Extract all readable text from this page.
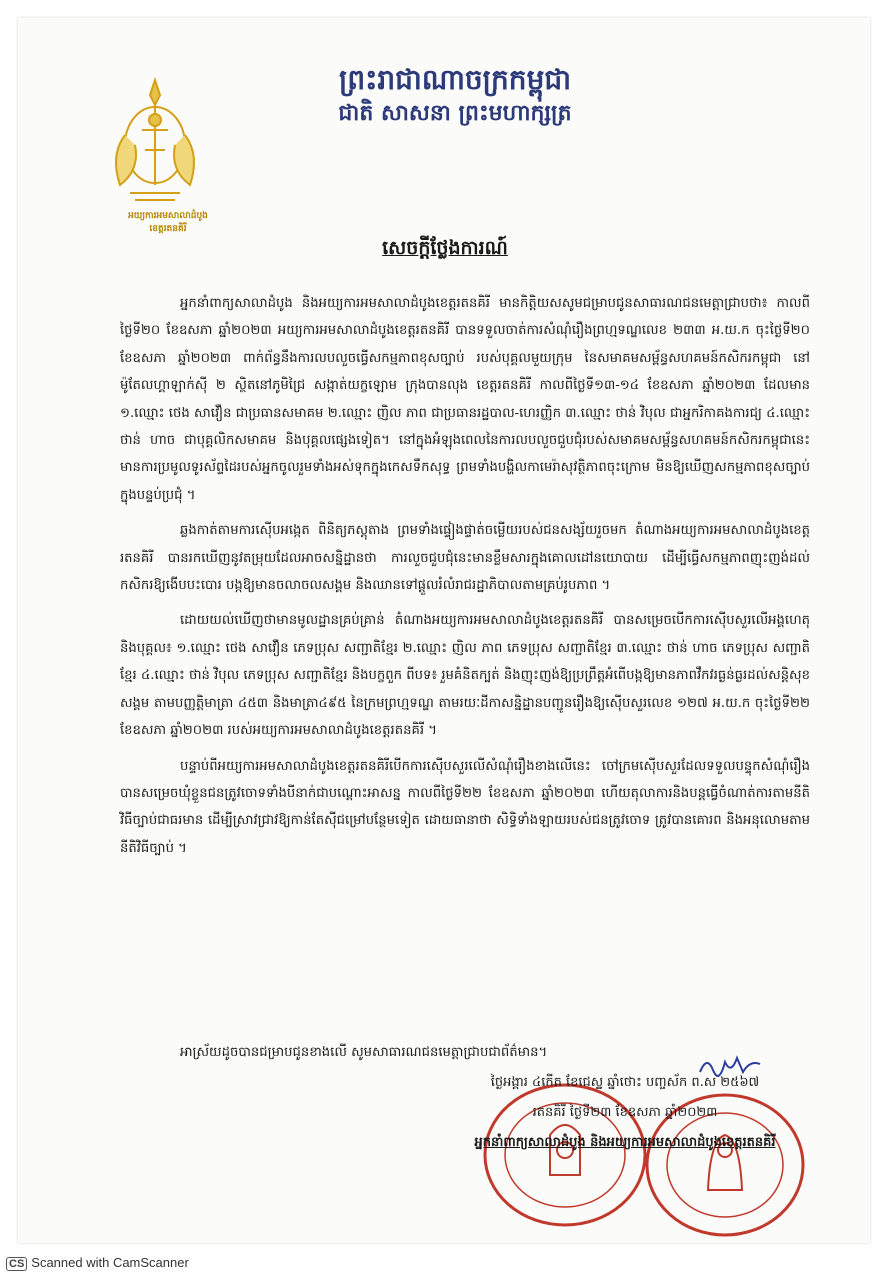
អយ្យការអមសាលាដំបូង
ខេត្តរតនគិរី
ព្រះរាជាណាចក្រកម្ពុជា
ជាតិ សាសនា ព្រះមហាក្សត្រ
សេចក្តីថ្លែងការណ៍

អ្នកនាំពាក្យសាលាដំបូង និងអយ្យការអមសាលាដំបូងខេត្តរតនគិរី មានកិត្តិយសសូមជម្រាបជូនសាធារណជនមេត្តាជ្រាបថា៖ កាលពីថ្ងៃទី២០ ខែឧសភា ឆ្នាំ២០២៣ អយ្យការអមសាលាដំបូងខេត្តរតនគិរី បានទទួលចាត់ការសំណុំរឿងព្រហ្មទណ្ឌលេខ ២៣៣ អ.យ.ក ចុះថ្ងៃទី២០ ខែឧសភា ឆ្នាំ២០២៣ ពាក់ព័ន្ធនឹងការលបលួចធ្វើសកម្មភាពខុសច្បាប់ របស់បុគ្គលមួយក្រុម នៃសមាគមសម្ព័ន្ធសហគមន៍កសិករកម្ពុជា នៅម៉ូតែលហ្គាឡាក់ស៊ី ២ ស្ថិតនៅភូមិជ្រៃ សង្កាត់យក្ខឡោម ក្រុងបានលុង ខេត្តរតនគិរី កាលពីថ្ងៃទី១៣-១៤ ខែឧសភា ឆ្នាំ២០២៣ ដែលមាន ១.ឈ្មោះ ថេង សាវឿន ជាប្រធានសមាគម ២.ឈ្មោះ ញិល ភាព ជាប្រធានរដ្ឋបាល-ហេរញ្ញិក ៣.ឈ្មោះ ថាន់ វិបុល ជាអ្នករិកាគងការជ្យ ៤.ឈ្មោះ ថាន់ ហាច ជាបុគ្គលិកសមាគម និងបុគ្គលផ្សេងទៀត។ នៅក្នុងអំឡុងពេលនៃការលបលួចជួបជុំរបស់សមាគមសម្ព័ន្ធសហគមន៍កសិករកម្ពុជានេះ មានការប្រមូលទូរស័ព្ទដៃរបស់អ្នកចូលរួមទាំងអស់ទុកក្នុងកេសទឹកសុទ្ធ ព្រមទាំងបង្ហិលកាមេរ៉ាសុវត្ថិភាពចុះក្រោម មិនឱ្យឃើញសកម្មភាពខុសច្បាប់ក្នុងបន្ទប់ប្រជុំ ។

ឆ្លងកាត់តាមការស៊ើបអង្កេត ពិនិត្យភស្តុតាង ព្រមទាំងផ្ទៀងផ្ទាត់ចម្លើយរបស់ជនសង្ស័យរួចមក តំណាងអយ្យការអមសាលាដំបូងខេត្តរតនគិរី បានរកឃើញនូវតម្រុយដែលអាចសន្និដ្ឋានថា ការលួចជួបជុំនេះមានខ្លឹមសារក្នុងគោលដៅនយោបាយ ដើម្បីធ្វើសកម្មភាពញុះញង់ដល់កសិករឱ្យងើបបះបោរ បង្កឱ្យមានចលាចលសង្គម និងឈានទៅផ្តួលរំលំរាជរដ្ឋាភិបាលតាមគ្រប់រូបភាព ។

ដោយយល់ឃើញថាមានមូលដ្ឋានគ្រប់គ្រាន់ តំណាងអយ្យការអមសាលាដំបូងខេត្តរតនគិរី បានសម្រេចបើកការស៊ើបសួរលើអង្គហេតុ និងបុគ្គល៖ ១.ឈ្មោះ ថេង សាវឿន ភេទប្រុស សញ្ជាតិខ្មែរ ២.ឈ្មោះ ញិល ភាព ភេទប្រុស សញ្ជាតិខ្មែរ ៣.ឈ្មោះ ថាន់ ហាច ភេទប្រុស សញ្ជាតិខ្មែរ ៤.ឈ្មោះ ថាន់ វិបុល ភេទប្រុស សញ្ជាតិខ្មែរ និងបក្ខពួក ពីបទ៖ រួមគំនិតក្បត់ និងញុះញង់ឱ្យប្រព្រឹត្តអំពើបង្កឱ្យមានភាពវឹកវរធ្ងន់ធ្ងរដល់សន្តិសុខសង្គម តាមបញ្ញត្តិមាត្រា ៤៥៣ និងមាត្រា៤៩៥ នៃក្រមព្រហ្មទណ្ឌ តាមរយៈដីកាសន្និដ្ឋានបញ្ជូនរឿងឱ្យស៊ើបសួរលេខ ១២៧ អ.យ.ក ចុះថ្ងៃទី២២ ខែឧសភា ឆ្នាំ២០២៣ របស់អយ្យការអមសាលាដំបូងខេត្តរតនគិរី ។

បន្ទាប់ពីអយ្យការអមសាលាដំបូងខេត្តរតនគិរីបើកការស៊ើបសួរលើសំណុំរឿងខាងលើនេះ ចៅក្រមស៊ើបសួរដែលទទួលបន្ទុកសំណុំរឿង បានសម្រេចឃុំខ្លួនជនត្រូវចោទទាំងបីនាក់ជាបណ្តោះអាសន្ន កាលពីថ្ងៃទី២២ ខែឧសភា ឆ្នាំ២០២៣ ហើយតុលាការនិងបន្តធ្វើចំណាត់ការតាមនីតិវិធីច្បាប់ជាធរមាន ដើម្បីស្រាវជ្រាវឱ្យកាន់តែស៊ីជម្រៅបន្ថែមទៀត ដោយធានាថា សិទ្ធិទាំងឡាយរបស់ជនត្រូវចោទ ត្រូវបានគោរព និងអនុលោមតាមនីតិវិធីច្បាប់ ។

អាស្រ័យដូចបានជម្រាបជូនខាងលើ សូមសាធារណជនមេត្តាជ្រាបជាព័ត៌មាន។
ថ្ងៃអង្គារ ៤កើត ខែជេស្ឋ ឆ្នាំថោះ បញ្ចស័ក ព.ស ២៥៦៧
រតនគិរី ថ្ងៃទី២៣ ខែឧសភា ឆ្នាំ២០២៣
អ្នកនាំពាក្យសាលាដំបូង និងអយ្យការអមសាលាដំបូងខេត្តរតនគិរី
CS Scanned with CamScanner
